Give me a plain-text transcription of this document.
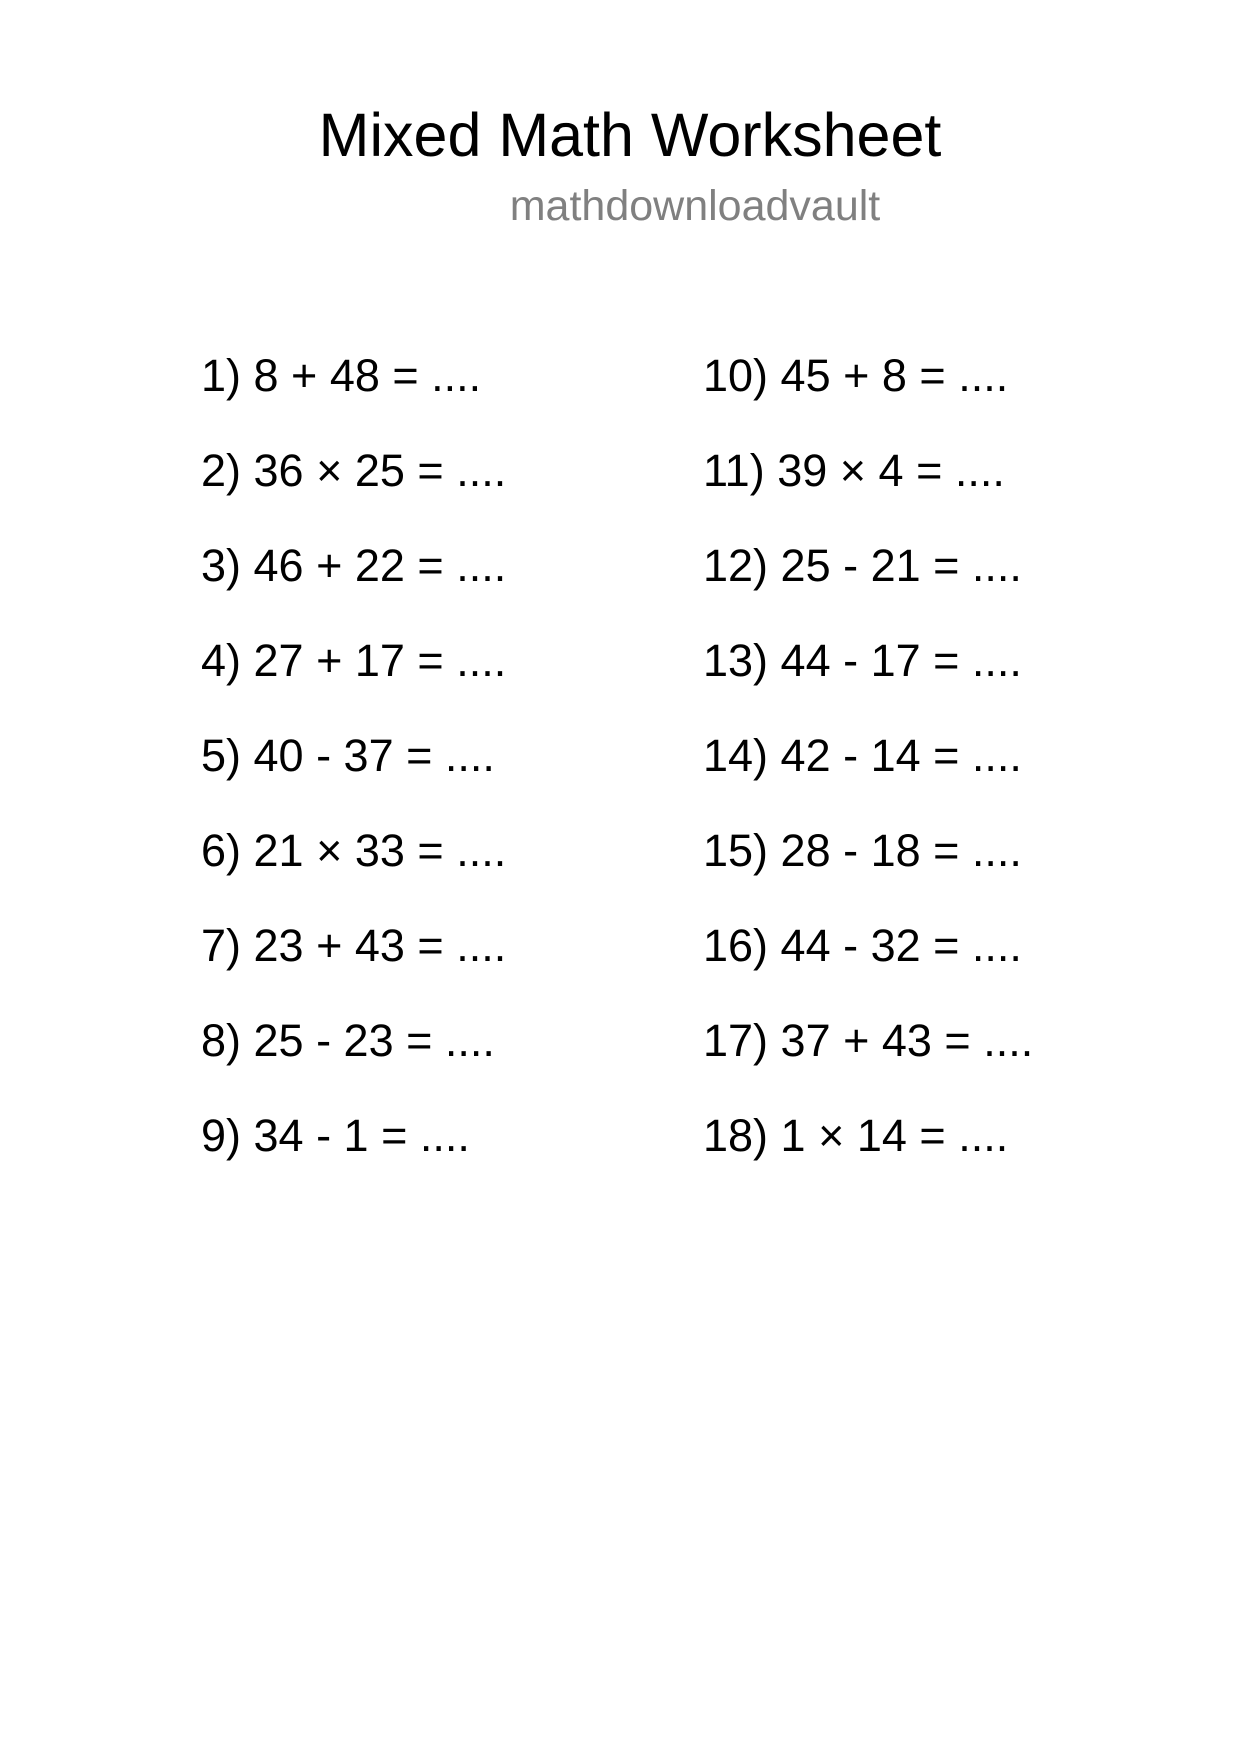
Mixed Math Worksheet
mathdownloadvault
1) 8 + 48 = ....
2) 36 × 25 = ....
3) 46 + 22 = ....
4) 27 + 17 = ....
5) 40 - 37 = ....
6) 21 × 33 = ....
7) 23 + 43 = ....
8) 25 - 23 = ....
9) 34 - 1 = ....
10) 45 + 8 = ....
11) 39 × 4 = ....
12) 25 - 21 = ....
13) 44 - 17 = ....
14) 42 - 14 = ....
15) 28 - 18 = ....
16) 44 - 32 = ....
17) 37 + 43 = ....
18) 1 × 14 = ....
